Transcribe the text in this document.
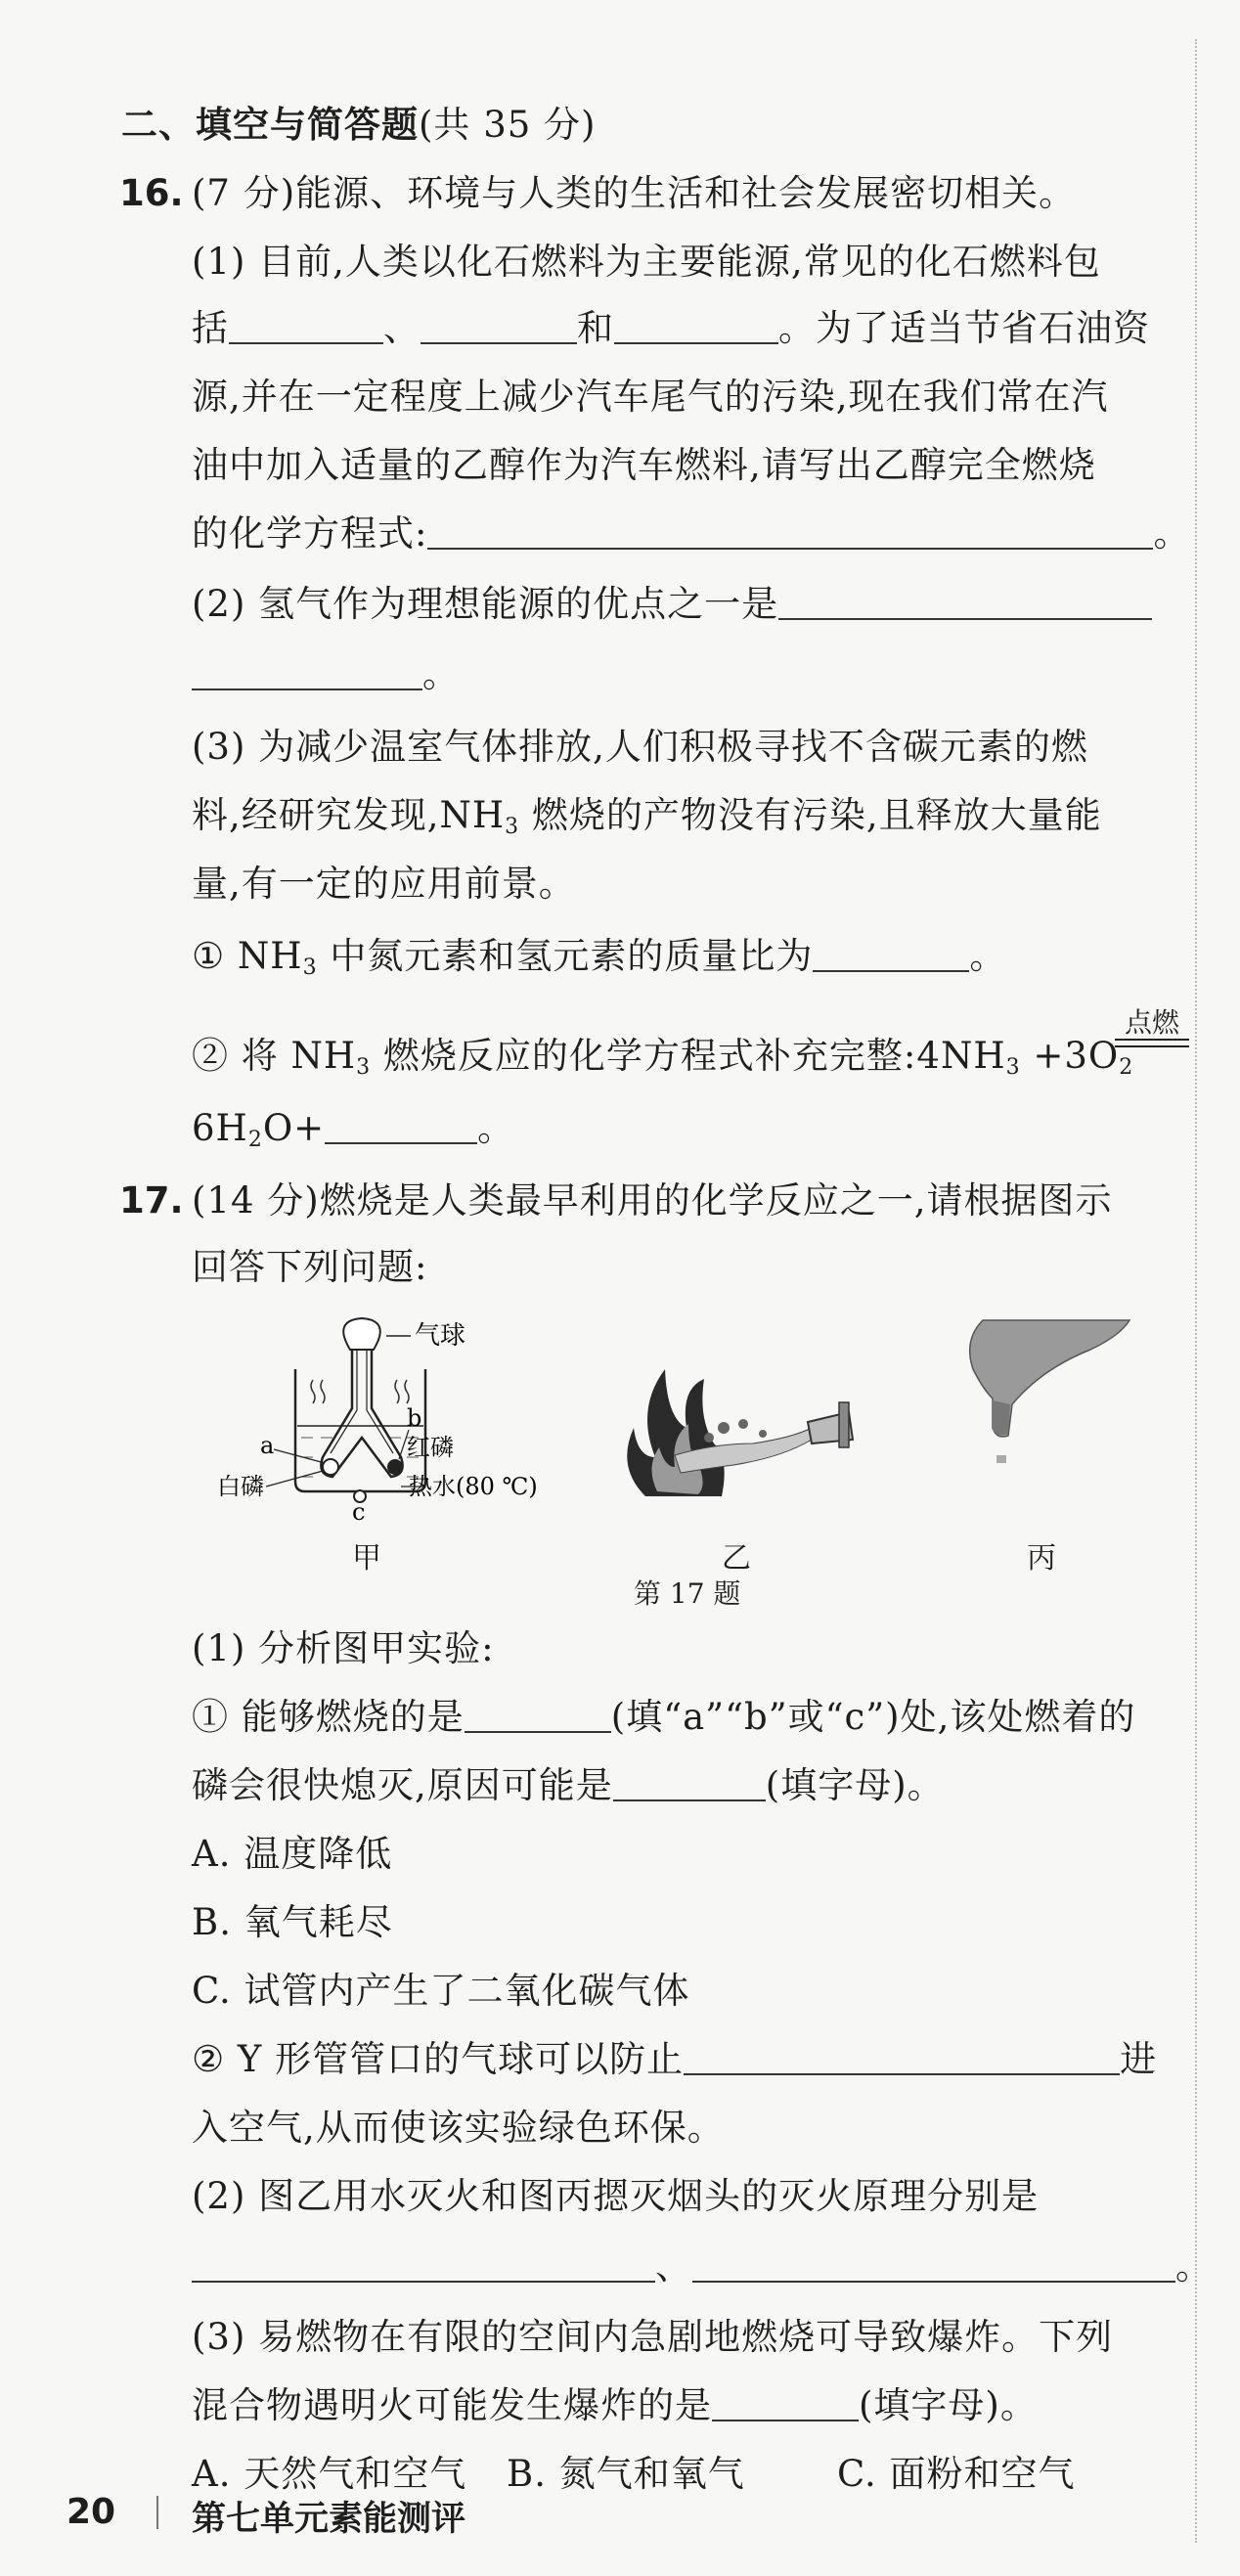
二、填空与简答题(共 35 分)
16. (7 分)能源、环境与人类的生活和社会发展密切相关。
(1) 目前,人类以化石燃料为主要能源,常见的化石燃料包
括	、	和	。为了适当节省石油资
源,并在一定程度上减少汽车尾气的污染,现在我们常在汽
油中加入适量的乙醇作为汽车燃料,请写出乙醇完全燃烧
的化学方程式:	。
(2) 氢气作为理想能源的优点之一是
。
(3) 为减少温室气体排放,人们积极寻找不含碳元素的燃
料,经研究发现$,NH_3$ 燃烧的产物没有污染,且释放大量能
量,有一定的应用前景。
① $NH_3$ 中氮元素和氢元素的质量比为	。
② 将 $NH_3$ 燃烧反应的化学方程式补充完整$:4NH_3 +3O_2$
点燃
$6H_2O+$	。
17. (14 分)燃烧是人类最早利用的化学反应之一,请根据图示
回答下列问题:
气球
a
b
红磷
白磷	热水(80 ℃)
c
甲	乙	丙
第 17 题
(1) 分析图甲实验:
① 能够燃烧的是	(填“a”“b”或“c”)处,该处燃着的
磷会很快熄灭,原因可能是	(填字母)。
A. 温度降低
B. 氧气耗尽
C. 试管内产生了二氧化碳气体
② Y 形管管口的气球可以防止	进
入空气,从而使该实验绿色环保。
(2) 图乙用水灭火和图丙摁灭烟头的灭火原理分别是
、	。
(3) 易燃物在有限的空间内急剧地燃烧可导致爆炸。下列
混合物遇明火可能发生爆炸的是	(填字母)。
A. 天然气和空气 B. 氮气和氧气	C. 面粉和空气
20 第七单元素能测评
